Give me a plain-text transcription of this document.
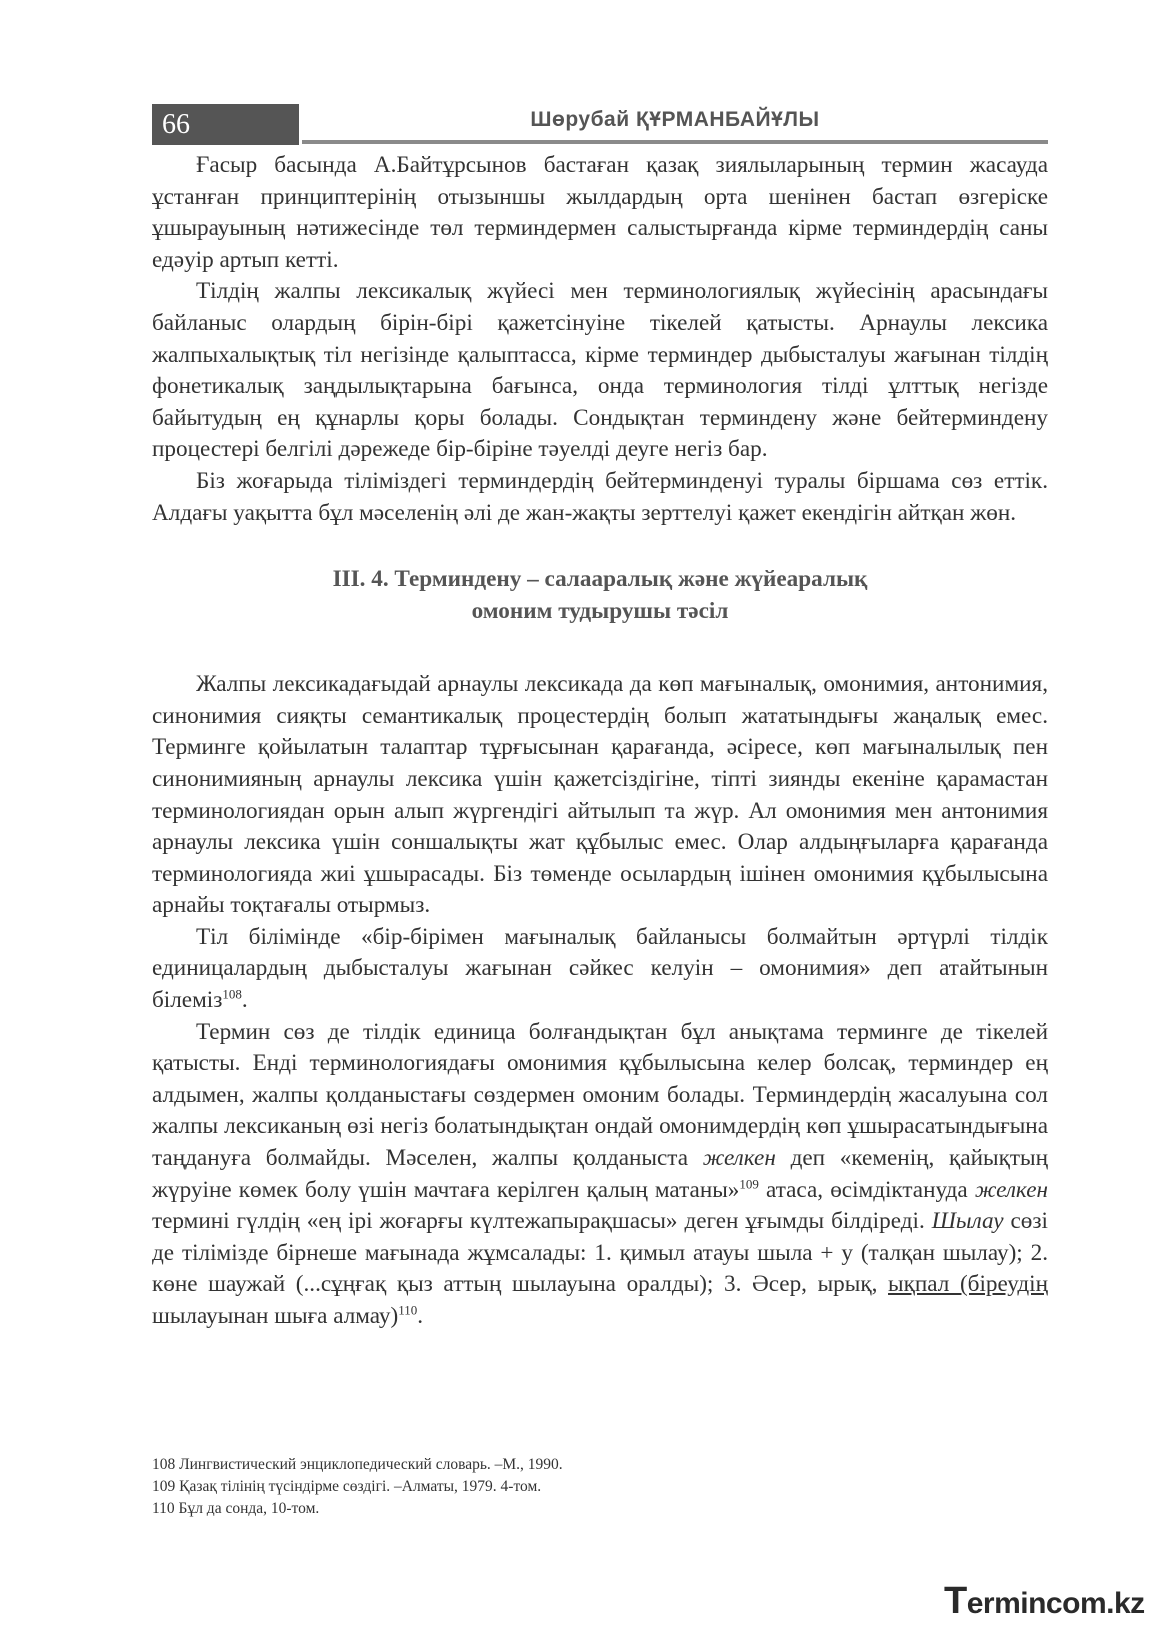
66	Шөрубай ҚҰРМАНБАЙҰЛЫ

Ғасыр басында А.Байтұрсынов бастаған қазақ зиялыларының термин жасауда ұстанған принциптерінің отызыншы жылдардың орта шенінен бастап өзгеріске ұшырауының нәтижесінде төл терминдермен салыстырғанда кірме терминдердің саны едәуір артып кетті.

Тілдің жалпы лексикалық жүйесі мен терминологиялық жүйесінің арасындағы байланыс олардың бірін-бірі қажетсінуіне тікелей қатысты. Арнаулы лексика жалпыхалықтық тіл негізінде қалыптасса, кірме терминдер дыбысталуы жағынан тілдің фонетикалық заңдылықтарына бағынса, онда терминология тілді ұлттық негізде байытудың ең құнарлы қоры болады. Сондықтан терминдену және бейтерминдену процестері белгілі дәрежеде бір-біріне тәуелді деуге негіз бар.

Біз жоғарыда тіліміздегі терминдердің бейтерминденуі туралы біршама сөз еттік. Алдағы уақытта бұл мәселенің әлі де жан-жақты зерттелуі қажет екендігін айтқан жөн.

ІІІ. 4. Терминдену – салааралық және жүйеаралық
омоним тудырушы тәсіл

Жалпы лексикадағыдай арнаулы лексикада да көп мағыналық, омонимия, антонимия, синонимия сияқты семантикалық процестердің болып жататындығы жаңалық емес. Терминге қойылатын талаптар тұрғысынан қарағанда, әсіресе, көп мағыналылық пен синонимияның арнаулы лексика үшін қажетсіздігіне, тіпті зиянды екеніне қарамастан терминологиядан орын алып жүргендігі айтылып та жүр. Ал омонимия мен антонимия арнаулы лексика үшін соншалықты жат құбылыс емес. Олар алдыңғыларға қарағанда терминологияда жиі ұшырасады. Біз төменде осылардың ішінен омонимия құбылысына арнайы тоқтағалы отырмыз.

Тіл білімінде «бір-бірімен мағыналық байланысы болмайтын әртүрлі тілдік единицалардың дыбысталуы жағынан сәйкес келуін – омонимия» деп атайтынын білеміз$^{108}$.

Термин сөз де тілдік единица болғандықтан бұл анықтама терминге де тікелей қатысты. Енді терминологиядағы омонимия құбылысына келер болсақ, терминдер ең алдымен, жалпы қолданыстағы сөздермен омоним болады. Терминдердің жасалуына сол жалпы лексиканың өзі негіз болатындықтан ондай омонимдердің көп ұшырасатындығына таңдануға болмайды. Мәселен, жалпы қолданыста желкен деп «кеменің, қайықтың жүруіне көмек болу үшін мачтаға керілген қалың матаны»$^{109}$ атаса, өсімдіктануда желкен термині гүлдің «ең ірі жоғарғы күлтежапырақшасы» деген ұғымды білдіреді. Шылау сөзі де тілімізде бірнеше мағынада жұмсалады: 1. қимыл атауы шыла + у (талқан шылау); 2. көне шаужай (...сұңғақ қыз аттың шылауына оралды); 3. Әсер, ырық, ықпал (біреудің шылауынан шыға алмау)$^{110}$.

108 Лингвистический энциклопедический словарь. –М., 1990.

109 Қазақ тілінің түсіндірме сөздігі. –Алматы, 1979. 4-том.

110 Бұл да сонда, 10-том.

Termincom.kz
